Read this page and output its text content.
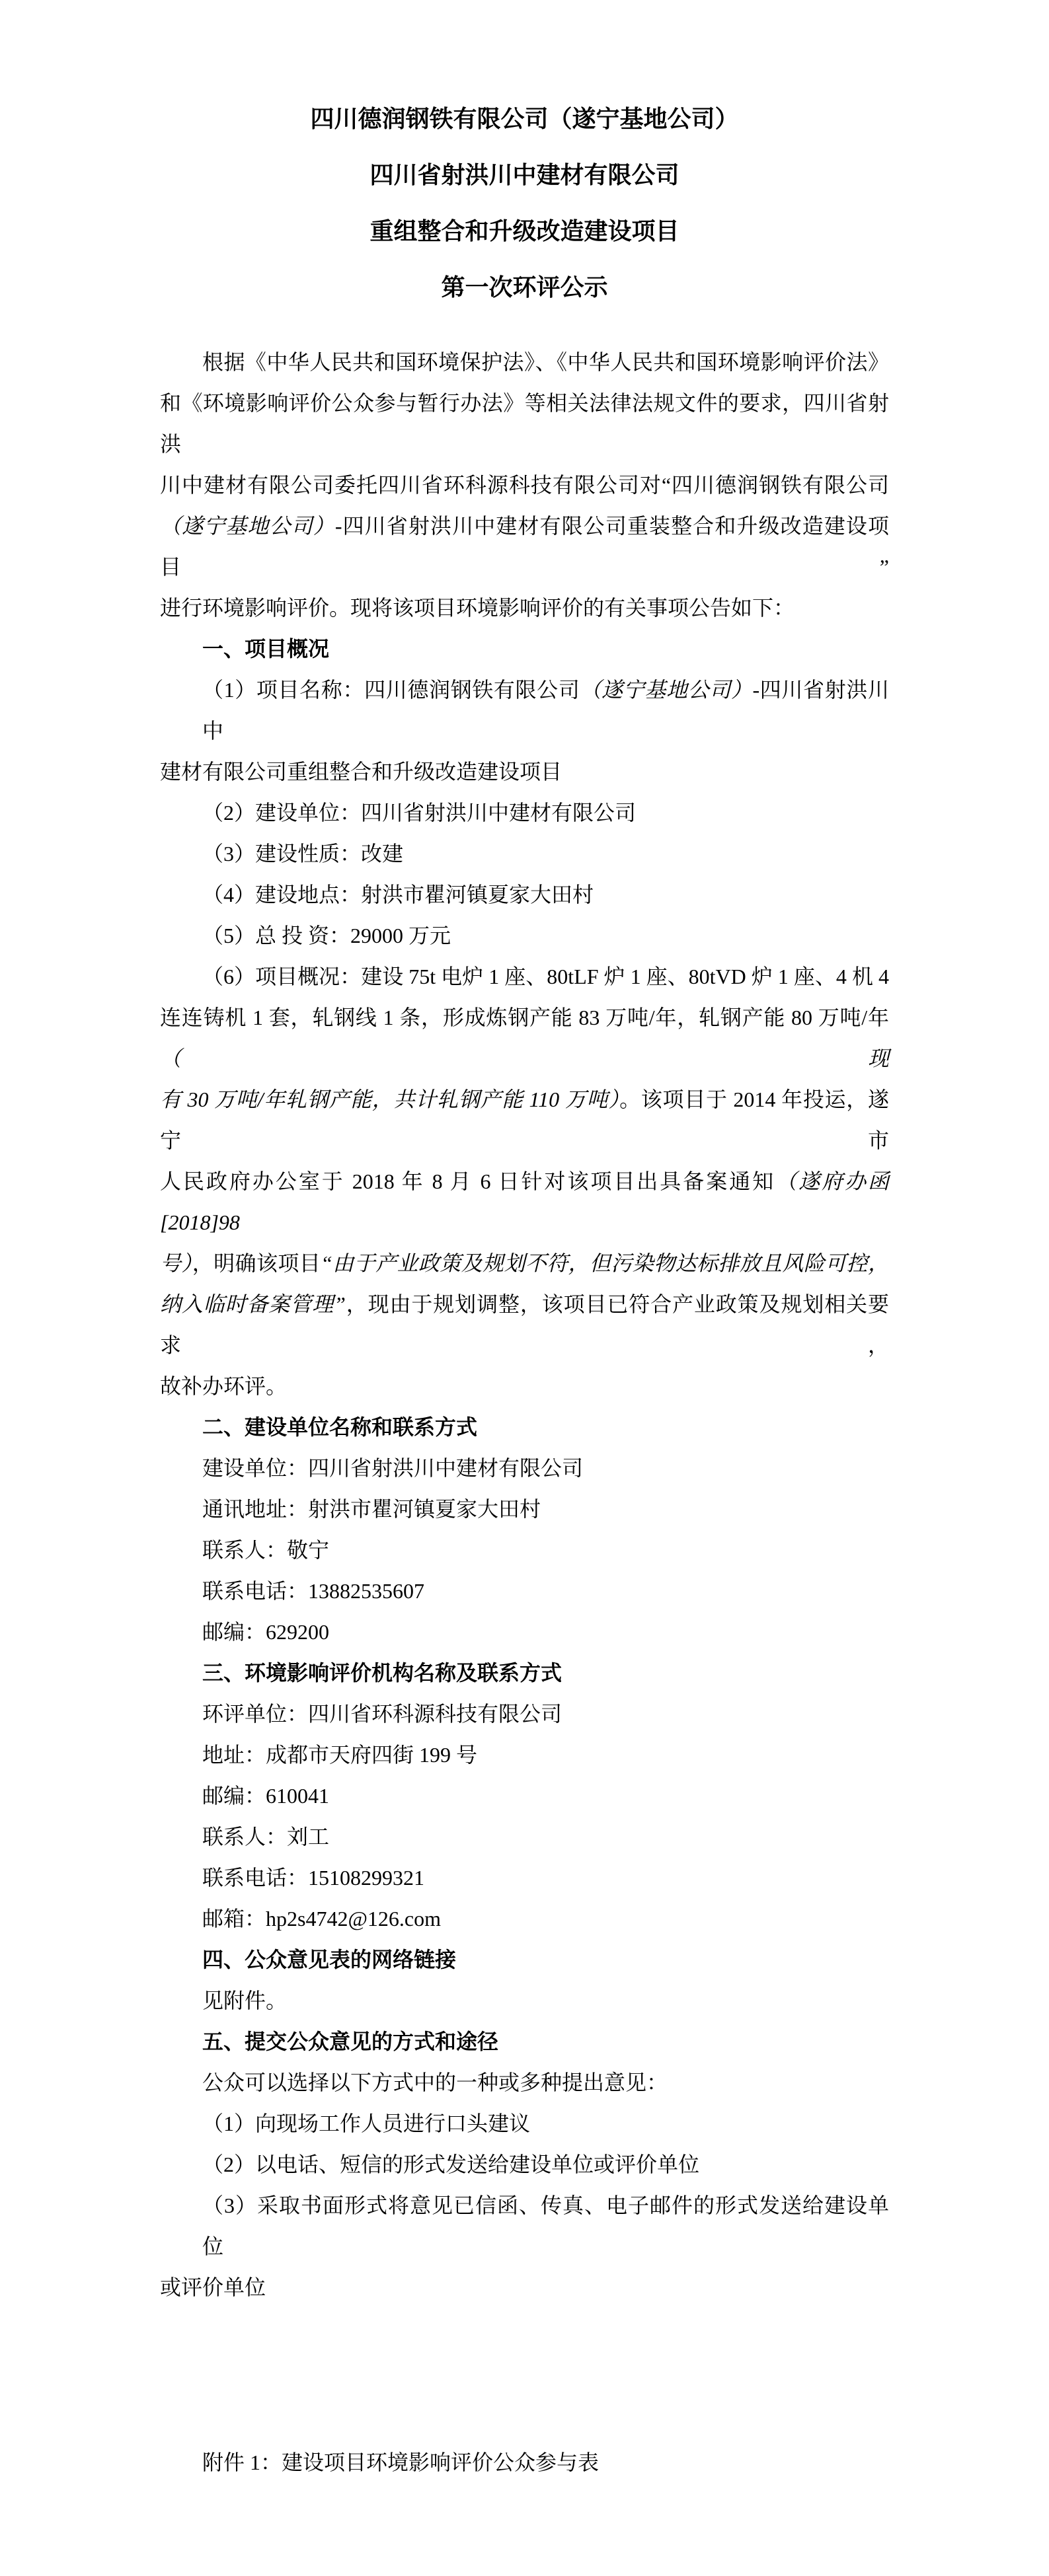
四川德润钢铁有限公司（遂宁基地公司）
四川省射洪川中建材有限公司
重组整合和升级改造建设项目
第一次环评公示
根据《中华人民共和国环境保护法》、《中华人民共和国环境影响评价法》
和《环境影响评价公众参与暂行办法》等相关法律法规文件的要求，四川省射洪
川中建材有限公司委托四川省环科源科技有限公司对“四川德润钢铁有限公司
（遂宁基地公司）-四川省射洪川中建材有限公司重装整合和升级改造建设项目”
进行环境影响评价。现将该项目环境影响评价的有关事项公告如下：
一、项目概况
（1）项目名称：四川德润钢铁有限公司（遂宁基地公司）-四川省射洪川中
建材有限公司重组整合和升级改造建设项目
（2）建设单位：四川省射洪川中建材有限公司
（3）建设性质：改建
（4）建设地点：射洪市瞿河镇夏家大田村
（5）总 投 资：29000 万元
（6）项目概况：建设 75t 电炉 1 座、80tLF 炉 1 座、80tVD 炉 1 座、4 机 4
连连铸机 1 套，轧钢线 1 条，形成炼钢产能 83 万吨/年，轧钢产能 80 万吨/年（现
有 30 万吨/年轧钢产能，共计轧钢产能 110 万吨）。该项目于 2014 年投运，遂宁市
人民政府办公室于 2018 年 8 月 6 日针对该项目出具备案通知（遂府办函[2018]98
号），明确该项目“由于产业政策及规划不符，但污染物达标排放且风险可控，
纳入临时备案管理”，现由于规划调整，该项目已符合产业政策及规划相关要求，
故补办环评。
二、建设单位名称和联系方式
建设单位：四川省射洪川中建材有限公司
通讯地址：射洪市瞿河镇夏家大田村
联系人：敬宁
联系电话：13882535607
邮编：629200
三、环境影响评价机构名称及联系方式
环评单位：四川省环科源科技有限公司
地址：成都市天府四街 199 号
邮编：610041
联系人：刘工
联系电话：15108299321
邮箱：hp2s4742@126.com
四、公众意见表的网络链接
见附件。
五、提交公众意见的方式和途径
公众可以选择以下方式中的一种或多种提出意见：
（1）向现场工作人员进行口头建议
（2）以电话、短信的形式发送给建设单位或评价单位
（3）采取书面形式将意见已信函、传真、电子邮件的形式发送给建设单位
或评价单位
附件 1：建设项目环境影响评价公众参与表
